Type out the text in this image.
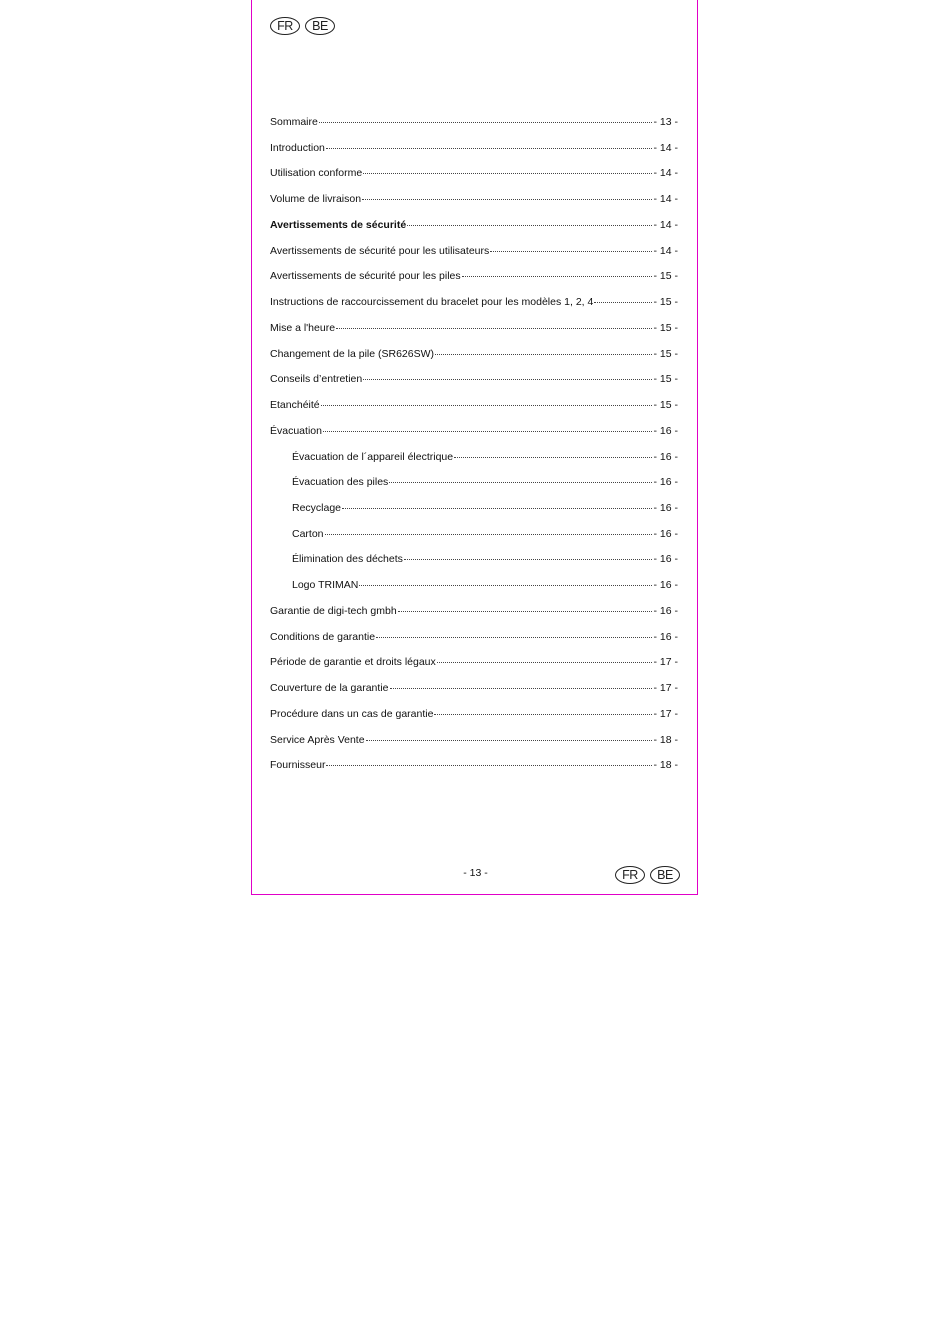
FR	BE
Sommaire	- 13 -
Introduction	- 14 -
Utilisation conforme	- 14 -
Volume de livraison	- 14 -
Avertissements de sécurité	- 14 -
Avertissements de sécurité pour les utilisateurs	- 14 -
Avertissements de sécurité pour les piles	- 15 -
Instructions de raccourcissement du bracelet pour les modèles 1, 2, 4	- 15 -
Mise a l'heure	- 15 -
Changement de la pile (SR626SW)	- 15 -
Conseils d’entretien	- 15 -
Etanchéité	- 15 -
Évacuation	- 16 -
Évacuation de l´appareil électrique	- 16 -
Évacuation des piles	- 16 -
Recyclage	- 16 -
Carton	- 16 -
Élimination des déchets	- 16 -
Logo TRIMAN	- 16 -
Garantie de digi-tech gmbh	- 16 -
Conditions de garantie	- 16 -
Période de garantie et droits légaux	- 17 -
Couverture de la garantie	- 17 -
Procédure dans un cas de garantie	- 17 -
Service Après Vente	- 18 -
Fournisseur	- 18 -
- 13 -	FR	BE
